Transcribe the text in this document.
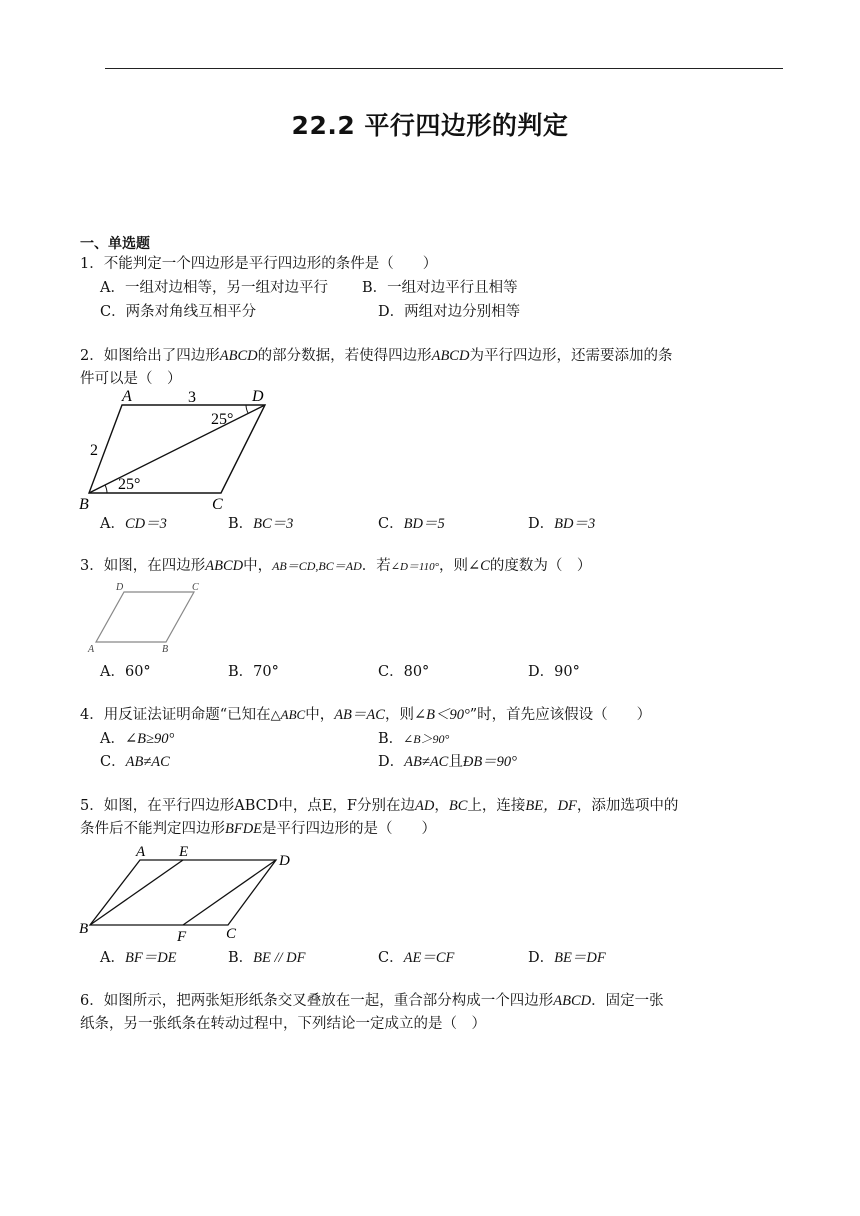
22.2 平行四边形的判定
一、单选题
1．不能判定一个四边形是平行四边形的条件是（　　）
A．一组对边相等，另一组对边平行 B．一组对边平行且相等
C．两条对角线互相平分	D．两组对边分别相等
2．如图给出了四边形ABCD的部分数据，若使得四边形ABCD为平行四边形，还需要添加的条
件可以是（　）
A	D
B	C
3
2
25°
25°
A．CD＝3	B．BC＝3	C．BD＝5	D．BD＝3
3．如图，在四边形ABCD中，AB＝CD,BC＝AD．若∠D＝110°，则∠C的度数为（　）
D	C
A	B
A．60°	B．70°	C．80°	D．90°
4．用反证法证明命题“已知在△ABC中，AB＝AC，则∠B＜90°”时，首先应该假设（　　）
A．∠B≥90°	B．∠B＞90°
C．AB≠AC	D．AB≠AC且ÐB＝90°
5．如图，在平行四边形ABCD中，点E，F分别在边AD，BC上，连接BE，DF，添加选项中的
条件后不能判定四边形BFDE是平行四边形的是（　　）
A E
D
B	F	C
A．BF＝DE	B．BE // DF	C．AE＝CF	D．BE＝DF
6．如图所示，把两张矩形纸条交叉叠放在一起，重合部分构成一个四边形ABCD．固定一张
纸条，另一张纸条在转动过程中，下列结论一定成立的是（　）
